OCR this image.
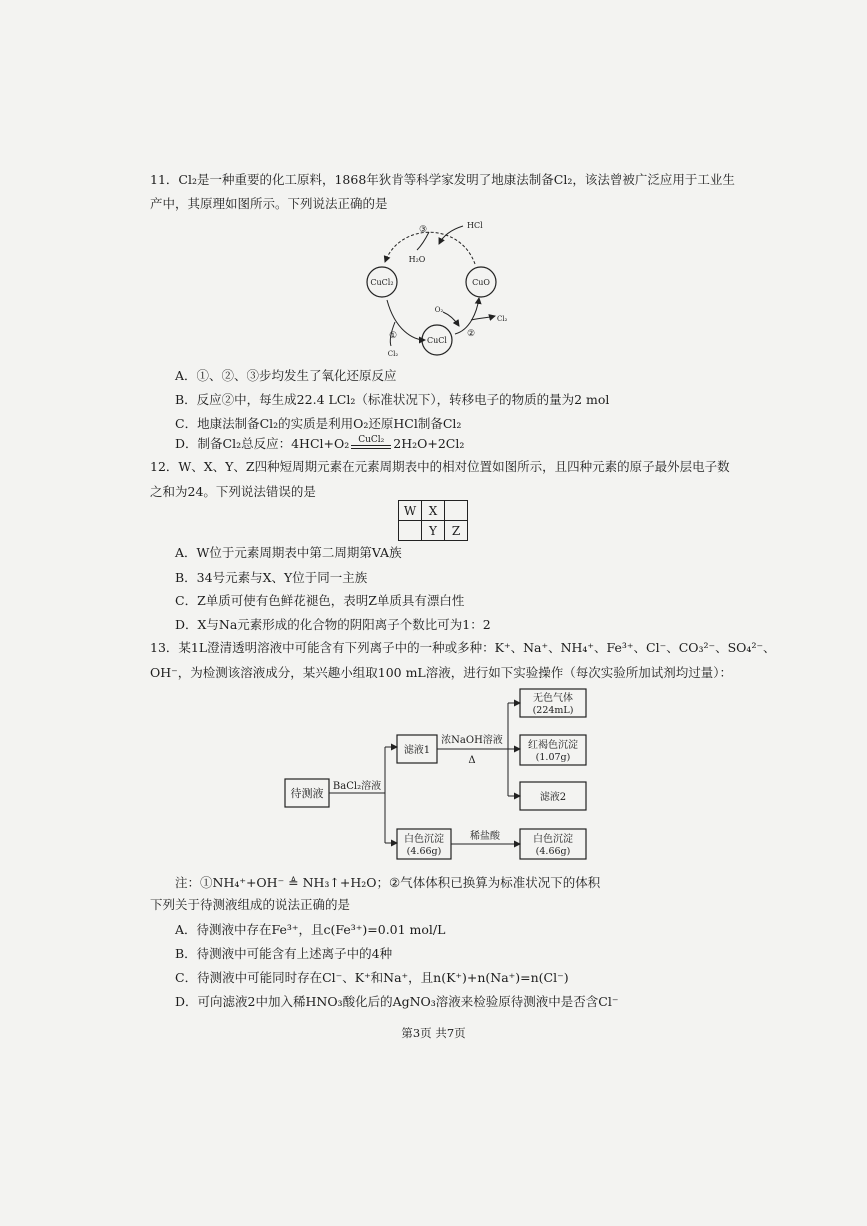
11．Cl₂是一种重要的化工原料，1868年狄肯等科学家发明了地康法制备Cl₂，该法曾被广泛应用于工业生
产中，其原理如图所示。下列说法正确的是
CuCl₂	CuO
CuCl
HCl
③
H₂O
O₂
Cl₂
②
①
Cl₂
A．①、②、③步均发生了氧化还原反应
B．反应②中，每生成22.4 LCl₂（标准状况下），转移电子的物质的量为2 mol
C．地康法制备Cl₂的实质是利用O₂还原HCl制备Cl₂
D．制备Cl₂总反应：4HCl+O₂ CuCl₂ 2H₂O+2Cl₂
12．W、X、Y、Z四种短周期元素在元素周期表中的相对位置如图所示，且四种元素的原子最外层电子数
之和为24。下列说法错误的是
W	X	
	Y	Z
A．W位于元素周期表中第二周期第VA族
B．34号元素与X、Y位于同一主族
C．Z单质可使有色鲜花褪色，表明Z单质具有漂白性
D．X与Na元素形成的化合物的阴阳离子个数比可为1：2
13．某1L澄清透明溶液中可能含有下列离子中的一种或多种：K⁺、Na⁺、NH₄⁺、Fe³⁺、Cl⁻、CO₃²⁻、SO₄²⁻、
OH⁻，为检测该溶液成分，某兴趣小组取100 mL溶液，进行如下实验操作（每次实验所加试剂均过量）：
待测液
BaCl₂溶液
滤液1
浓NaOH溶液
Δ
无色气体
(224mL)
红褐色沉淀
(1.07g)
滤液2
白色沉淀
(4.66g)
稀盐酸	白色沉淀
(4.66g)
注：①NH₄⁺+OH⁻ ≜ NH₃↑+H₂O；②气体体积已换算为标准状况下的体积
下列关于待测液组成的说法正确的是
A．待测液中存在Fe³⁺，且c(Fe³⁺)=0.01 mol/L
B．待测液中可能含有上述离子中的4种
C．待测液中可能同时存在Cl⁻、K⁺和Na⁺，且n(K⁺)+n(Na⁺)=n(Cl⁻)
D．可向滤液2中加入稀HNO₃酸化后的AgNO₃溶液来检验原待测液中是否含Cl⁻
第3页 共7页
